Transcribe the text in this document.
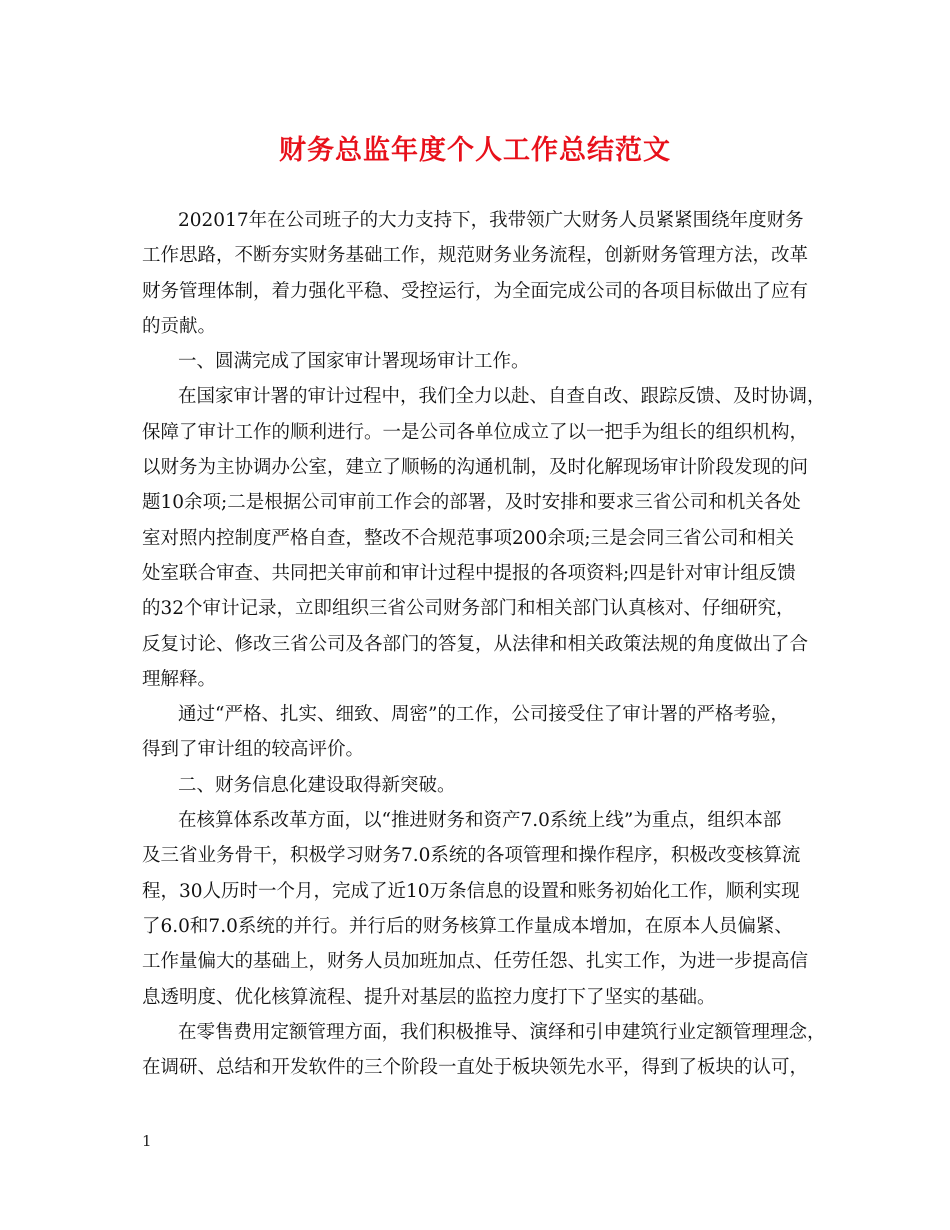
财务总监年度个人工作总结范文
202017年在公司班子的大力支持下，我带领广大财务人员紧紧围绕年度财务
工作思路，不断夯实财务基础工作，规范财务业务流程，创新财务管理方法，改革
财务管理体制，着力强化平稳、受控运行，为全面完成公司的各项目标做出了应有
的贡献。
一、圆满完成了国家审计署现场审计工作。
在国家审计署的审计过程中，我们全力以赴、自查自改、跟踪反馈、及时协调，
保障了审计工作的顺利进行。一是公司各单位成立了以一把手为组长的组织机构，
以财务为主协调办公室，建立了顺畅的沟通机制，及时化解现场审计阶段发现的问
题10余项;二是根据公司审前工作会的部署，及时安排和要求三省公司和机关各处
室对照内控制度严格自查，整改不合规范事项200余项;三是会同三省公司和相关
处室联合审查、共同把关审前和审计过程中提报的各项资料;四是针对审计组反馈
的32个审计记录，立即组织三省公司财务部门和相关部门认真核对、仔细研究，
反复讨论、修改三省公司及各部门的答复，从法律和相关政策法规的角度做出了合
理解释。
通过“严格、扎实、细致、周密”的工作，公司接受住了审计署的严格考验，
得到了审计组的较高评价。
二、财务信息化建设取得新突破。
在核算体系改革方面，以“推进财务和资产7.0系统上线”为重点，组织本部
及三省业务骨干，积极学习财务7.0系统的各项管理和操作程序，积极改变核算流
程，30人历时一个月，完成了近10万条信息的设置和账务初始化工作，顺利实现
了6.0和7.0系统的并行。并行后的财务核算工作量成本增加，在原本人员偏紧、
工作量偏大的基础上，财务人员加班加点、任劳任怨、扎实工作，为进一步提高信
息透明度、优化核算流程、提升对基层的监控力度打下了坚实的基础。
在零售费用定额管理方面，我们积极推导、演绎和引申建筑行业定额管理理念，
在调研、总结和开发软件的三个阶段一直处于板块领先水平，得到了板块的认可，
1
